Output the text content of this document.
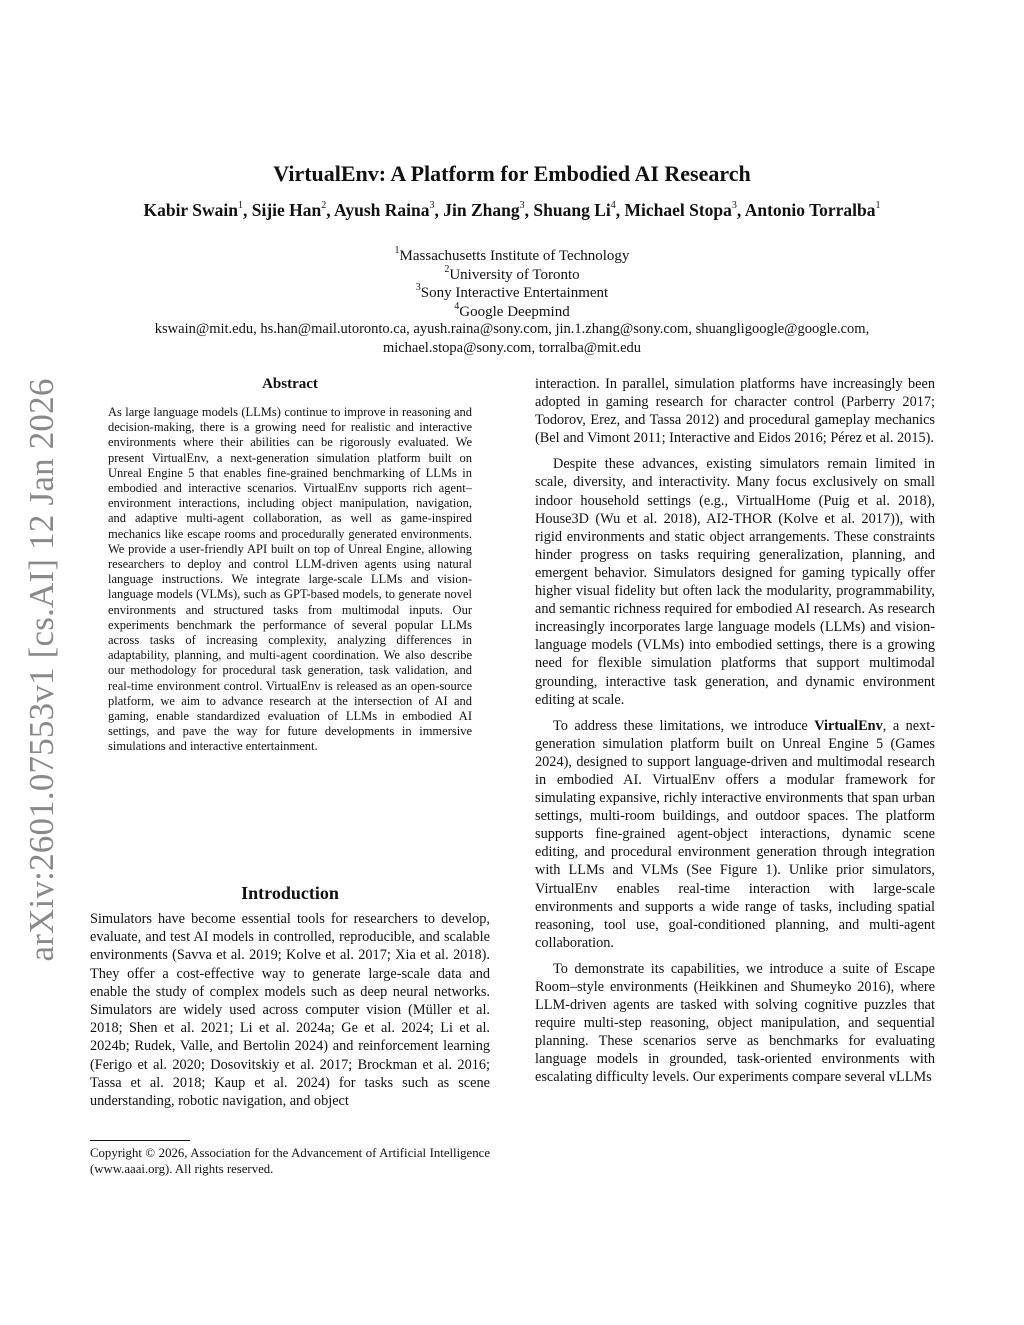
arXiv:2601.07553v1 [cs.AI] 12 Jan 2026
VirtualEnv: A Platform for Embodied AI Research
Kabir Swain$^1$, Sijie Han$^2$, Ayush Raina$^3$, Jin Zhang$^3$, Shuang Li$^4$, Michael Stopa$^3$, Antonio Torralba$^1$
$^1$Massachusetts Institute of Technology
$^2$University of Toronto
$^3$Sony Interactive Entertainment
$^4$Google Deepmind
kswain@mit.edu, hs.han@mail.utoronto.ca, ayush.raina@sony.com, jin.1.zhang@sony.com, shuangligoogle@google.com, michael.stopa@sony.com, torralba@mit.edu
Abstract
As large language models (LLMs) continue to improve in reasoning and decision-making, there is a growing need for realistic and interactive environments where their abilities can be rigorously evaluated. We present VirtualEnv, a next-generation simulation platform built on Unreal Engine 5 that enables fine-grained benchmarking of LLMs in embodied and interactive scenarios. VirtualEnv supports rich agent–environment interactions, including object manipulation, navigation, and adaptive multi-agent collaboration, as well as game-inspired mechanics like escape rooms and procedurally generated environments. We provide a user-friendly API built on top of Unreal Engine, allowing researchers to deploy and control LLM-driven agents using natural language instructions. We integrate large-scale LLMs and vision-language models (VLMs), such as GPT-based models, to generate novel environments and structured tasks from multimodal inputs. Our experiments benchmark the performance of several popular LLMs across tasks of increasing complexity, analyzing differences in adaptability, planning, and multi-agent coordination. We also describe our methodology for procedural task generation, task validation, and real-time environment control. VirtualEnv is released as an open-source platform, we aim to advance research at the intersection of AI and gaming, enable standardized evaluation of LLMs in embodied AI settings, and pave the way for future developments in immersive simulations and interactive entertainment.
Introduction

Simulators have become essential tools for researchers to develop, evaluate, and test AI models in controlled, reproducible, and scalable environments (Savva et al. 2019; Kolve et al. 2017; Xia et al. 2018). They offer a cost-effective way to generate large-scale data and enable the study of complex models such as deep neural networks. Simulators are widely used across computer vision (Müller et al. 2018; Shen et al. 2021; Li et al. 2024a; Ge et al. 2024; Li et al. 2024b; Rudek, Valle, and Bertolin 2024) and reinforcement learning (Ferigo et al. 2020; Dosovitskiy et al. 2017; Brockman et al. 2016; Tassa et al. 2018; Kaup et al. 2024) for tasks such as scene understanding, robotic navigation, and object

Copyright © 2026, Association for the Advancement of Artificial Intelligence (www.aaai.org). All rights reserved.

interaction. In parallel, simulation platforms have increasingly been adopted in gaming research for character control (Parberry 2017; Todorov, Erez, and Tassa 2012) and procedural gameplay mechanics (Bel and Vimont 2011; Interactive and Eidos 2016; Pérez et al. 2015).

Despite these advances, existing simulators remain limited in scale, diversity, and interactivity. Many focus exclusively on small indoor household settings (e.g., VirtualHome (Puig et al. 2018), House3D (Wu et al. 2018), AI2-THOR (Kolve et al. 2017)), with rigid environments and static object arrangements. These constraints hinder progress on tasks requiring generalization, planning, and emergent behavior. Simulators designed for gaming typically offer higher visual fidelity but often lack the modularity, programmability, and semantic richness required for embodied AI research. As research increasingly incorporates large language models (LLMs) and vision-language models (VLMs) into embodied settings, there is a growing need for flexible simulation platforms that support multimodal grounding, interactive task generation, and dynamic environment editing at scale.

To address these limitations, we introduce VirtualEnv, a next-generation simulation platform built on Unreal Engine 5 (Games 2024), designed to support language-driven and multimodal research in embodied AI. VirtualEnv offers a modular framework for simulating expansive, richly interactive environments that span urban settings, multi-room buildings, and outdoor spaces. The platform supports fine-grained agent-object interactions, dynamic scene editing, and procedural environment generation through integration with LLMs and VLMs (See Figure 1). Unlike prior simulators, VirtualEnv enables real-time interaction with large-scale environments and supports a wide range of tasks, including spatial reasoning, tool use, goal-conditioned planning, and multi-agent collaboration.

To demonstrate its capabilities, we introduce a suite of Escape Room–style environments (Heikkinen and Shumeyko 2016), where LLM-driven agents are tasked with solving cognitive puzzles that require multi-step reasoning, object manipulation, and sequential planning. These scenarios serve as benchmarks for evaluating language models in grounded, task-oriented environments with escalating difficulty levels. Our experiments compare several vLLMs
